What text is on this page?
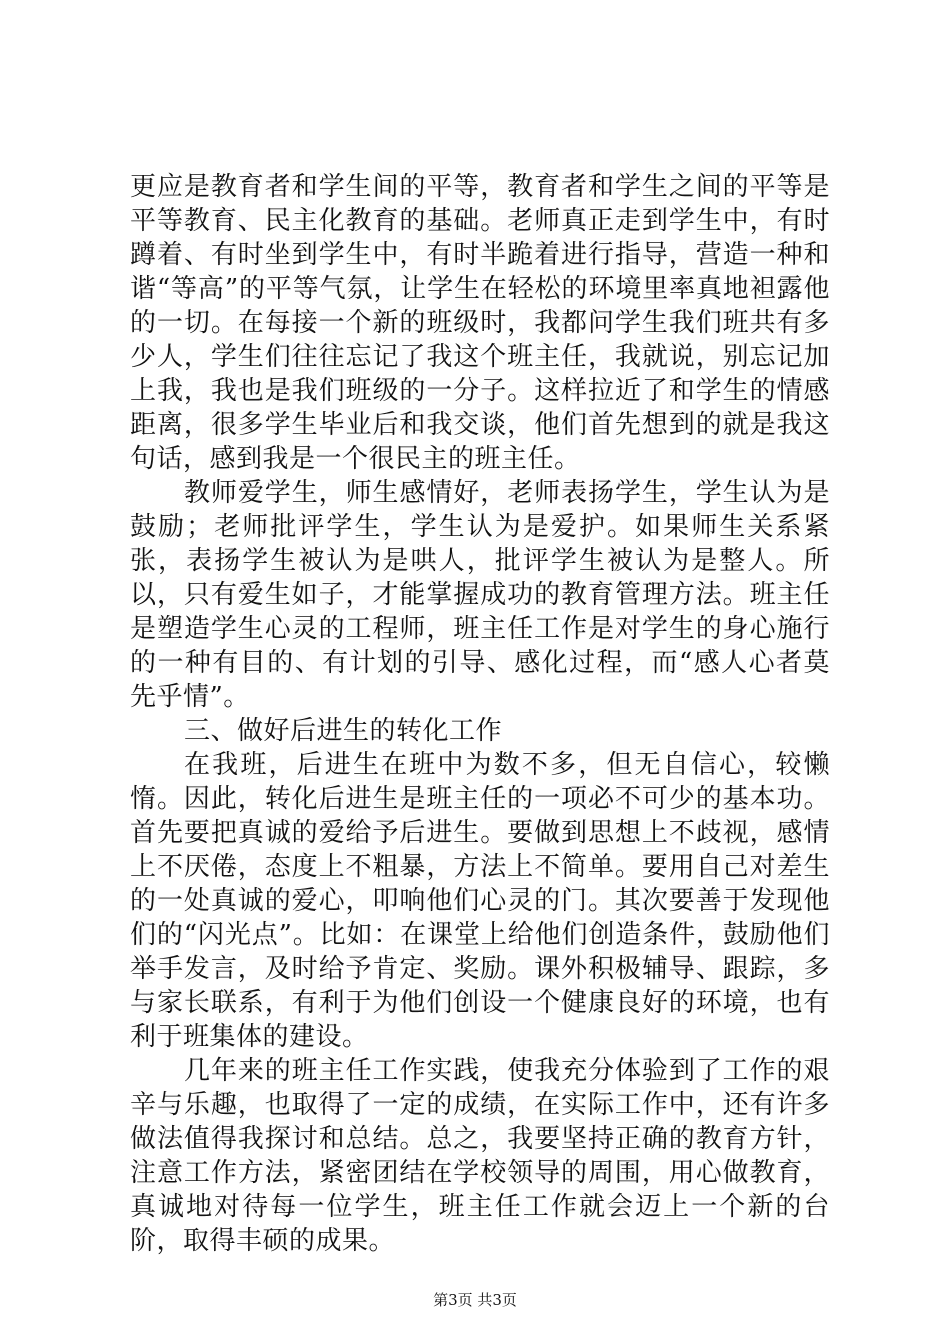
更应是教育者和学生间的平等，教育者和学生之间的平等是平等教育、民主化教育的基础。老师真正走到学生中，有时蹲着、有时坐到学生中，有时半跪着进行指导，营造一种和谐“等高”的平等气氛，让学生在轻松的环境里率真地袒露他的一切。在每接一个新的班级时，我都问学生我们班共有多少人，学生们往往忘记了我这个班主任，我就说，别忘记加上我，我也是我们班级的一分子。这样拉近了和学生的情感距离，很多学生毕业后和我交谈，他们首先想到的就是我这句话，感到我是一个很民主的班主任。

教师爱学生，师生感情好，老师表扬学生，学生认为是鼓励；老师批评学生，学生认为是爱护。如果师生关系紧张，表扬学生被认为是哄人，批评学生被认为是整人。所以，只有爱生如子，才能掌握成功的教育管理方法。班主任是塑造学生心灵的工程师，班主任工作是对学生的身心施行的一种有目的、有计划的引导、感化过程，而“感人心者莫先乎情”。

三、做好后进生的转化工作

在我班，后进生在班中为数不多，但无自信心，较懒惰。因此，转化后进生是班主任的一项必不可少的基本功。首先要把真诚的爱给予后进生。要做到思想上不歧视，感情上不厌倦，态度上不粗暴，方法上不简单。要用自己对差生的一处真诚的爱心，叩响他们心灵的门。其次要善于发现他们的“闪光点”。比如：在课堂上给他们创造条件，鼓励他们举手发言，及时给予肯定、奖励。课外积极辅导、跟踪，多与家长联系，有利于为他们创设一个健康良好的环境，也有利于班集体的建设。

几年来的班主任工作实践，使我充分体验到了工作的艰辛与乐趣，也取得了一定的成绩，在实际工作中，还有许多做法值得我探讨和总结。总之，我要坚持正确的教育方针，注意工作方法，紧密团结在学校领导的周围，用心做教育，真诚地对待每一位学生，班主任工作就会迈上一个新的台阶，取得丰硕的成果。

第3页 共3页
